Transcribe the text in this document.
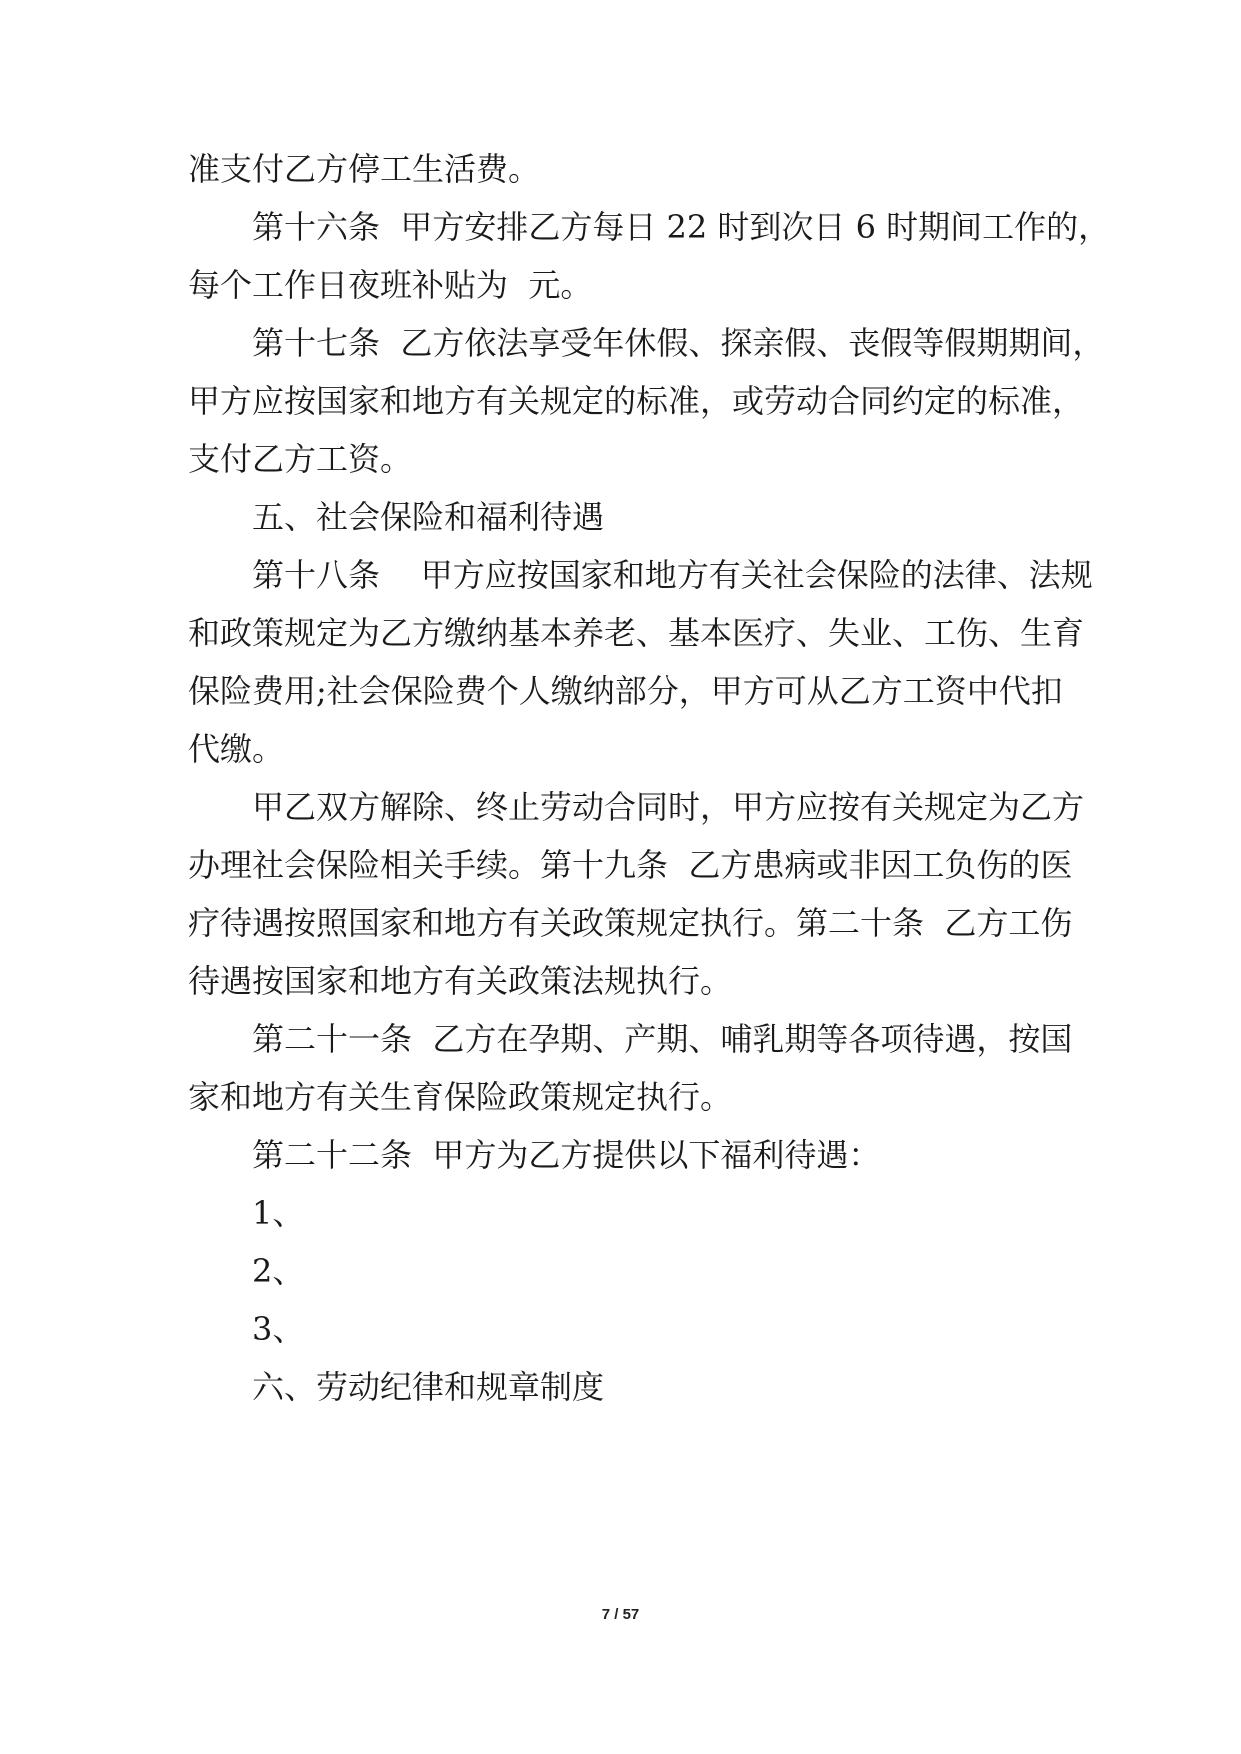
准支付乙方停工生活费。
第十六条  甲方安排乙方每日 22 时到次日 6 时期间工作的，
每个工作日夜班补贴为  元。
第十七条  乙方依法享受年休假、探亲假、丧假等假期期间，
甲方应按国家和地方有关规定的标准，或劳动合同约定的标准，
支付乙方工资。
五、社会保险和福利待遇
第十八条    甲方应按国家和地方有关社会保险的法律、法规
和政策规定为乙方缴纳基本养老、基本医疗、失业、工伤、生育
保险费用;社会保险费个人缴纳部分，甲方可从乙方工资中代扣
代缴。
甲乙双方解除、终止劳动合同时，甲方应按有关规定为乙方
办理社会保险相关手续。第十九条  乙方患病或非因工负伤的医
疗待遇按照国家和地方有关政策规定执行。第二十条  乙方工伤
待遇按国家和地方有关政策法规执行。
第二十一条  乙方在孕期、产期、哺乳期等各项待遇，按国
家和地方有关生育保险政策规定执行。
第二十二条  甲方为乙方提供以下福利待遇：
1、
2、
3、
六、劳动纪律和规章制度
7 / 57
